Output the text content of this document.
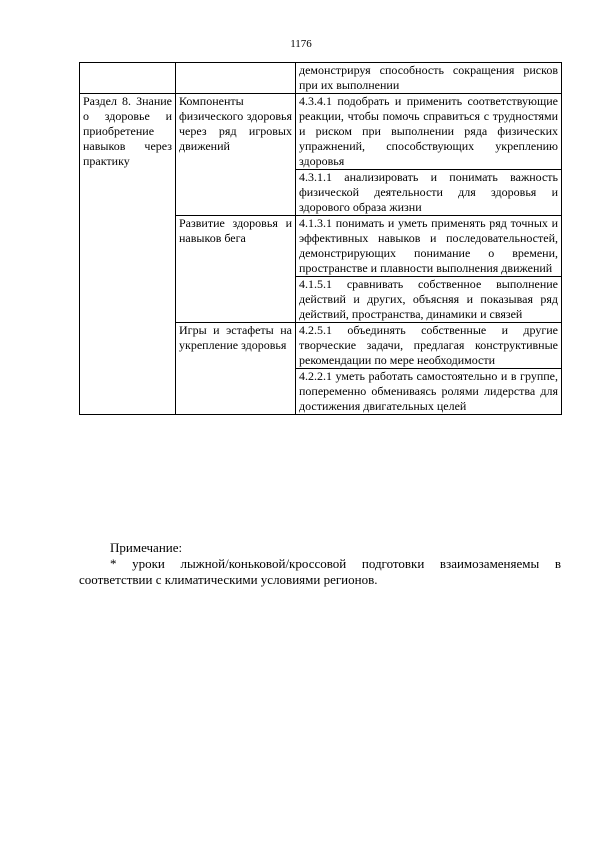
1176
		демонстрируя способность сокращения рисков при их выполнении
Раздел 8. Знание о здоровье и приобретение навыков через практику	Компоненты физического здоровья через ряд игровых движений	4.3.4.1 подобрать и применить соответствующие реакции, чтобы помочь справиться с трудностями и риском при выполнении ряда физических упражнений, способствующих укреплению здоровья
		4.3.1.1 анализировать и понимать важность физической деятельности для здоровья и здорового образа жизни
	Развитие здоровья и навыков бега	4.1.3.1 понимать и уметь применять ряд точных и эффективных навыков и последовательностей, демонстрирующих понимание о времени, пространстве и плавности выполнения движений
		4.1.5.1 сравнивать собственное выполнение действий и других, объясняя и показывая ряд действий, пространства, динамики и связей
	Игры и эстафеты на укрепление здоровья	4.2.5.1 объединять собственные и другие творческие задачи, предлагая конструктивные рекомендации по мере необходимости
		4.2.2.1 уметь работать самостоятельно и в группе, попеременно обмениваясь ролями лидерства для достижения двигательных целей
Примечание:
* уроки лыжной/коньковой/кроссовой подготовки взаимозаменяемы в соответствии с климатическими условиями регионов.
